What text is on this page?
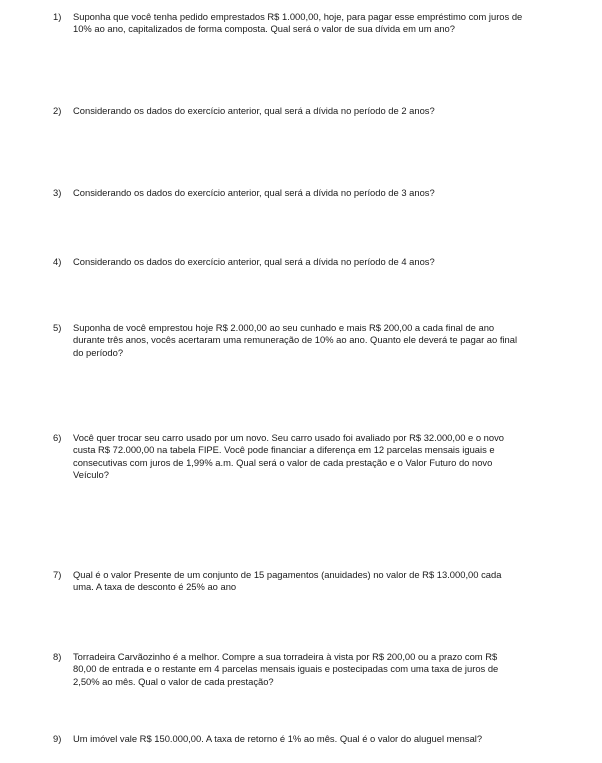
1)	Suponha que você tenha pedido emprestados R$ 1.000,00, hoje, para pagar esse empréstimo com juros de 10% ao ano, capitalizados de forma composta. Qual será o valor de sua dívida em um ano?
2)	Considerando os dados do exercício anterior, qual será a dívida no período de 2 anos?
3)	Considerando os dados do exercício anterior, qual será a dívida no período de 3 anos?
4)	Considerando os dados do exercício anterior, qual será a dívida no período de 4 anos?
5)	Suponha de você emprestou hoje R$ 2.000,00 ao seu cunhado e mais R$ 200,00 a cada final de ano durante três anos, vocês acertaram uma remuneração de 10% ao ano. Quanto ele deverá te pagar ao final do período?
6)	Você quer trocar seu carro usado por um novo. Seu carro usado foi avaliado por R$ 32.000,00 e o novo custa R$ 72.000,00 na tabela FIPE. Você pode financiar a diferença em 12 parcelas mensais iguais e consecutivas com juros de 1,99% a.m. Qual será o valor de cada prestação e o Valor Futuro do novo Veículo?
7)	Qual é o valor Presente de um conjunto de 15 pagamentos (anuidades) no valor de R$ 13.000,00 cada uma. A taxa de desconto é 25% ao ano
8)	Torradeira Carvãozinho é a melhor. Compre a sua torradeira à vista por R$ 200,00 ou a prazo com R$ 80,00 de entrada e o restante em 4 parcelas mensais iguais e postecipadas com uma taxa de juros de 2,50% ao mês. Qual o valor de cada prestação?
9)	Um imóvel vale R$ 150.000,00. A taxa de retorno é 1% ao mês. Qual é o valor do aluguel mensal?
